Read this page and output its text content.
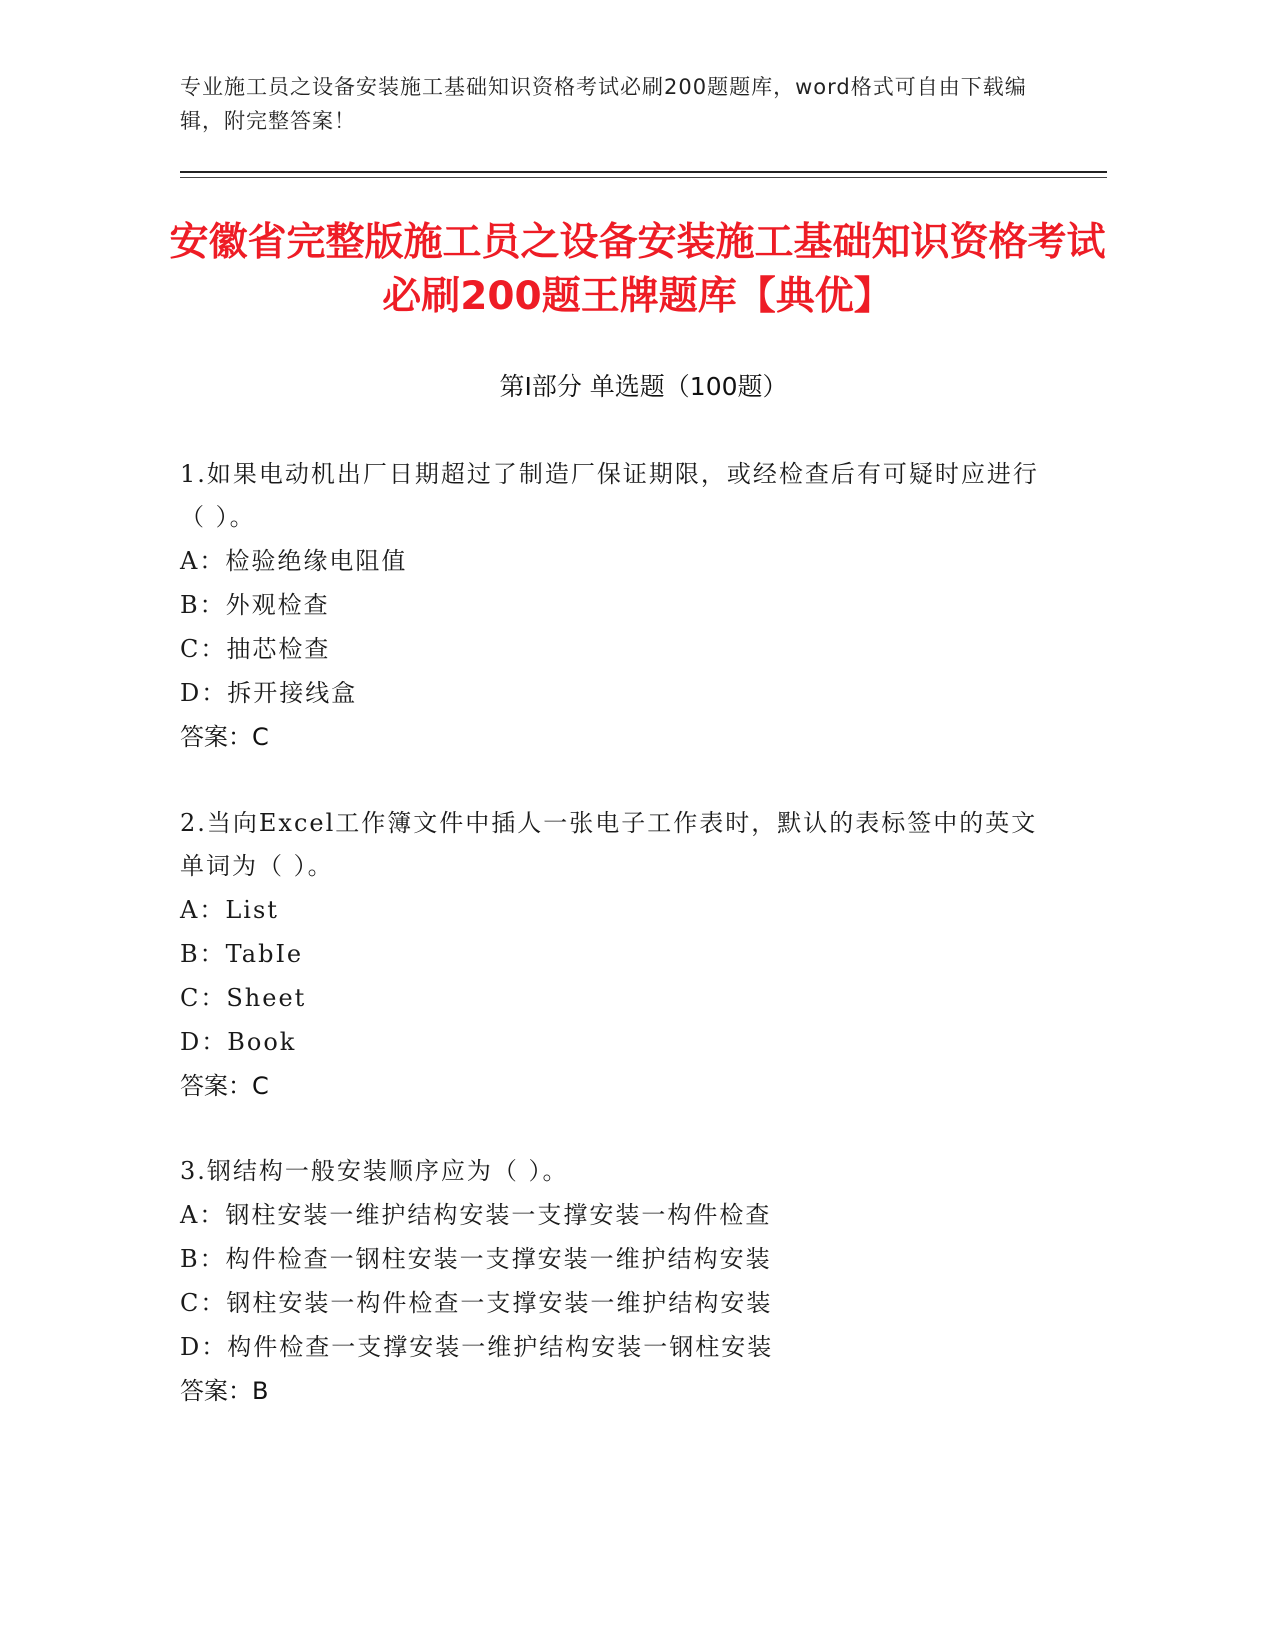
专业施工员之设备安装施工基础知识资格考试必刷200题题库，word格式可自由下载编辑，附完整答案！
安徽省完整版施工员之设备安装施工基础知识资格考试必刷200题王牌题库【典优】
第Ⅰ部分 单选题（100题）
1.如果电动机出厂日期超过了制造厂保证期限，或经检查后有可疑时应进行（ ）。
A：检验绝缘电阻值
B：外观检查
C：抽芯检查
D：拆开接线盒
答案：C
2.当向Excel工作簿文件中插人一张电子工作表时，默认的表标签中的英文单词为（ ）。
A：List
B：TabIe
C：Sheet
D：Book
答案：C
3.钢结构一般安装顺序应为（ ）。
A：钢柱安装一维护结构安装一支撑安装一构件检查
B：构件检查一钢柱安装一支撑安装一维护结构安装
C：钢柱安装一构件检查一支撑安装一维护结构安装
D：构件检查一支撑安装一维护结构安装一钢柱安装
答案：B
